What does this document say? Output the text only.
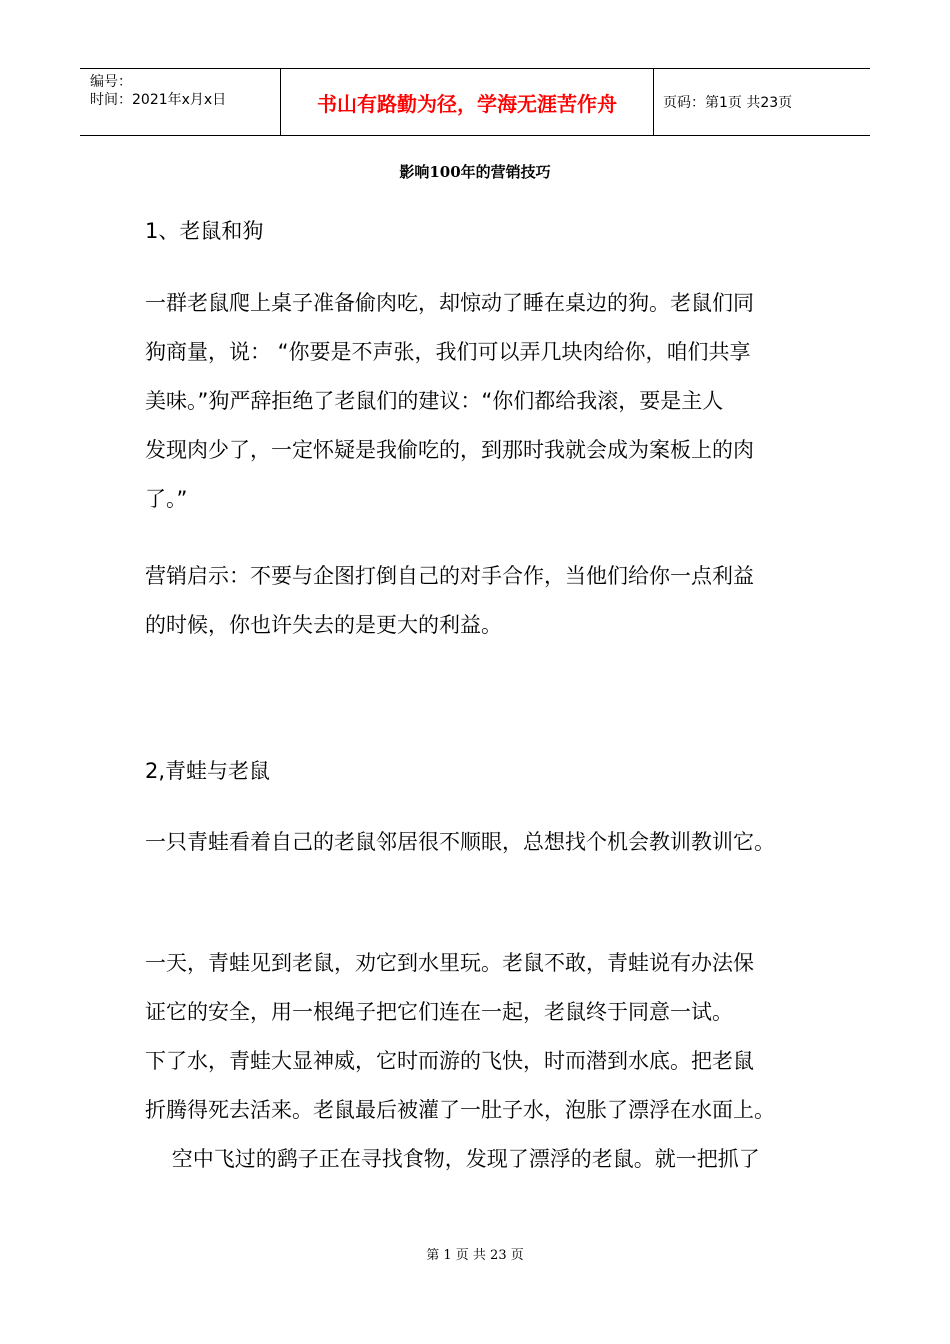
编号：
时间：2021年x月x日	书山有路勤为径，学海无涯苦作舟	页码：第1页 共23页
影响100年的营销技巧
1、老鼠和狗
一群老鼠爬上桌子准备偷肉吃，却惊动了睡在桌边的狗。老鼠们同
狗商量，说： “你要是不声张，我们可以弄几块肉给你，咱们共享
美味。”狗严辞拒绝了老鼠们的建议：“你们都给我滚，要是主人
发现肉少了，一定怀疑是我偷吃的，到那时我就会成为案板上的肉
了。”
营销启示：不要与企图打倒自己的对手合作，当他们给你一点利益
的时候，你也许失去的是更大的利益。
2,青蛙与老鼠
一只青蛙看着自己的老鼠邻居很不顺眼，总想找个机会教训教训它。
一天，青蛙见到老鼠，劝它到水里玩。老鼠不敢，青蛙说有办法保
证它的安全，用一根绳子把它们连在一起，老鼠终于同意一试。
下了水，青蛙大显神威，它时而游的飞快，时而潜到水底。把老鼠
折腾得死去活来。老鼠最后被灌了一肚子水，泡胀了漂浮在水面上。
空中飞过的鹞子正在寻找食物，发现了漂浮的老鼠。就一把抓了
第 1 页 共 23 页
